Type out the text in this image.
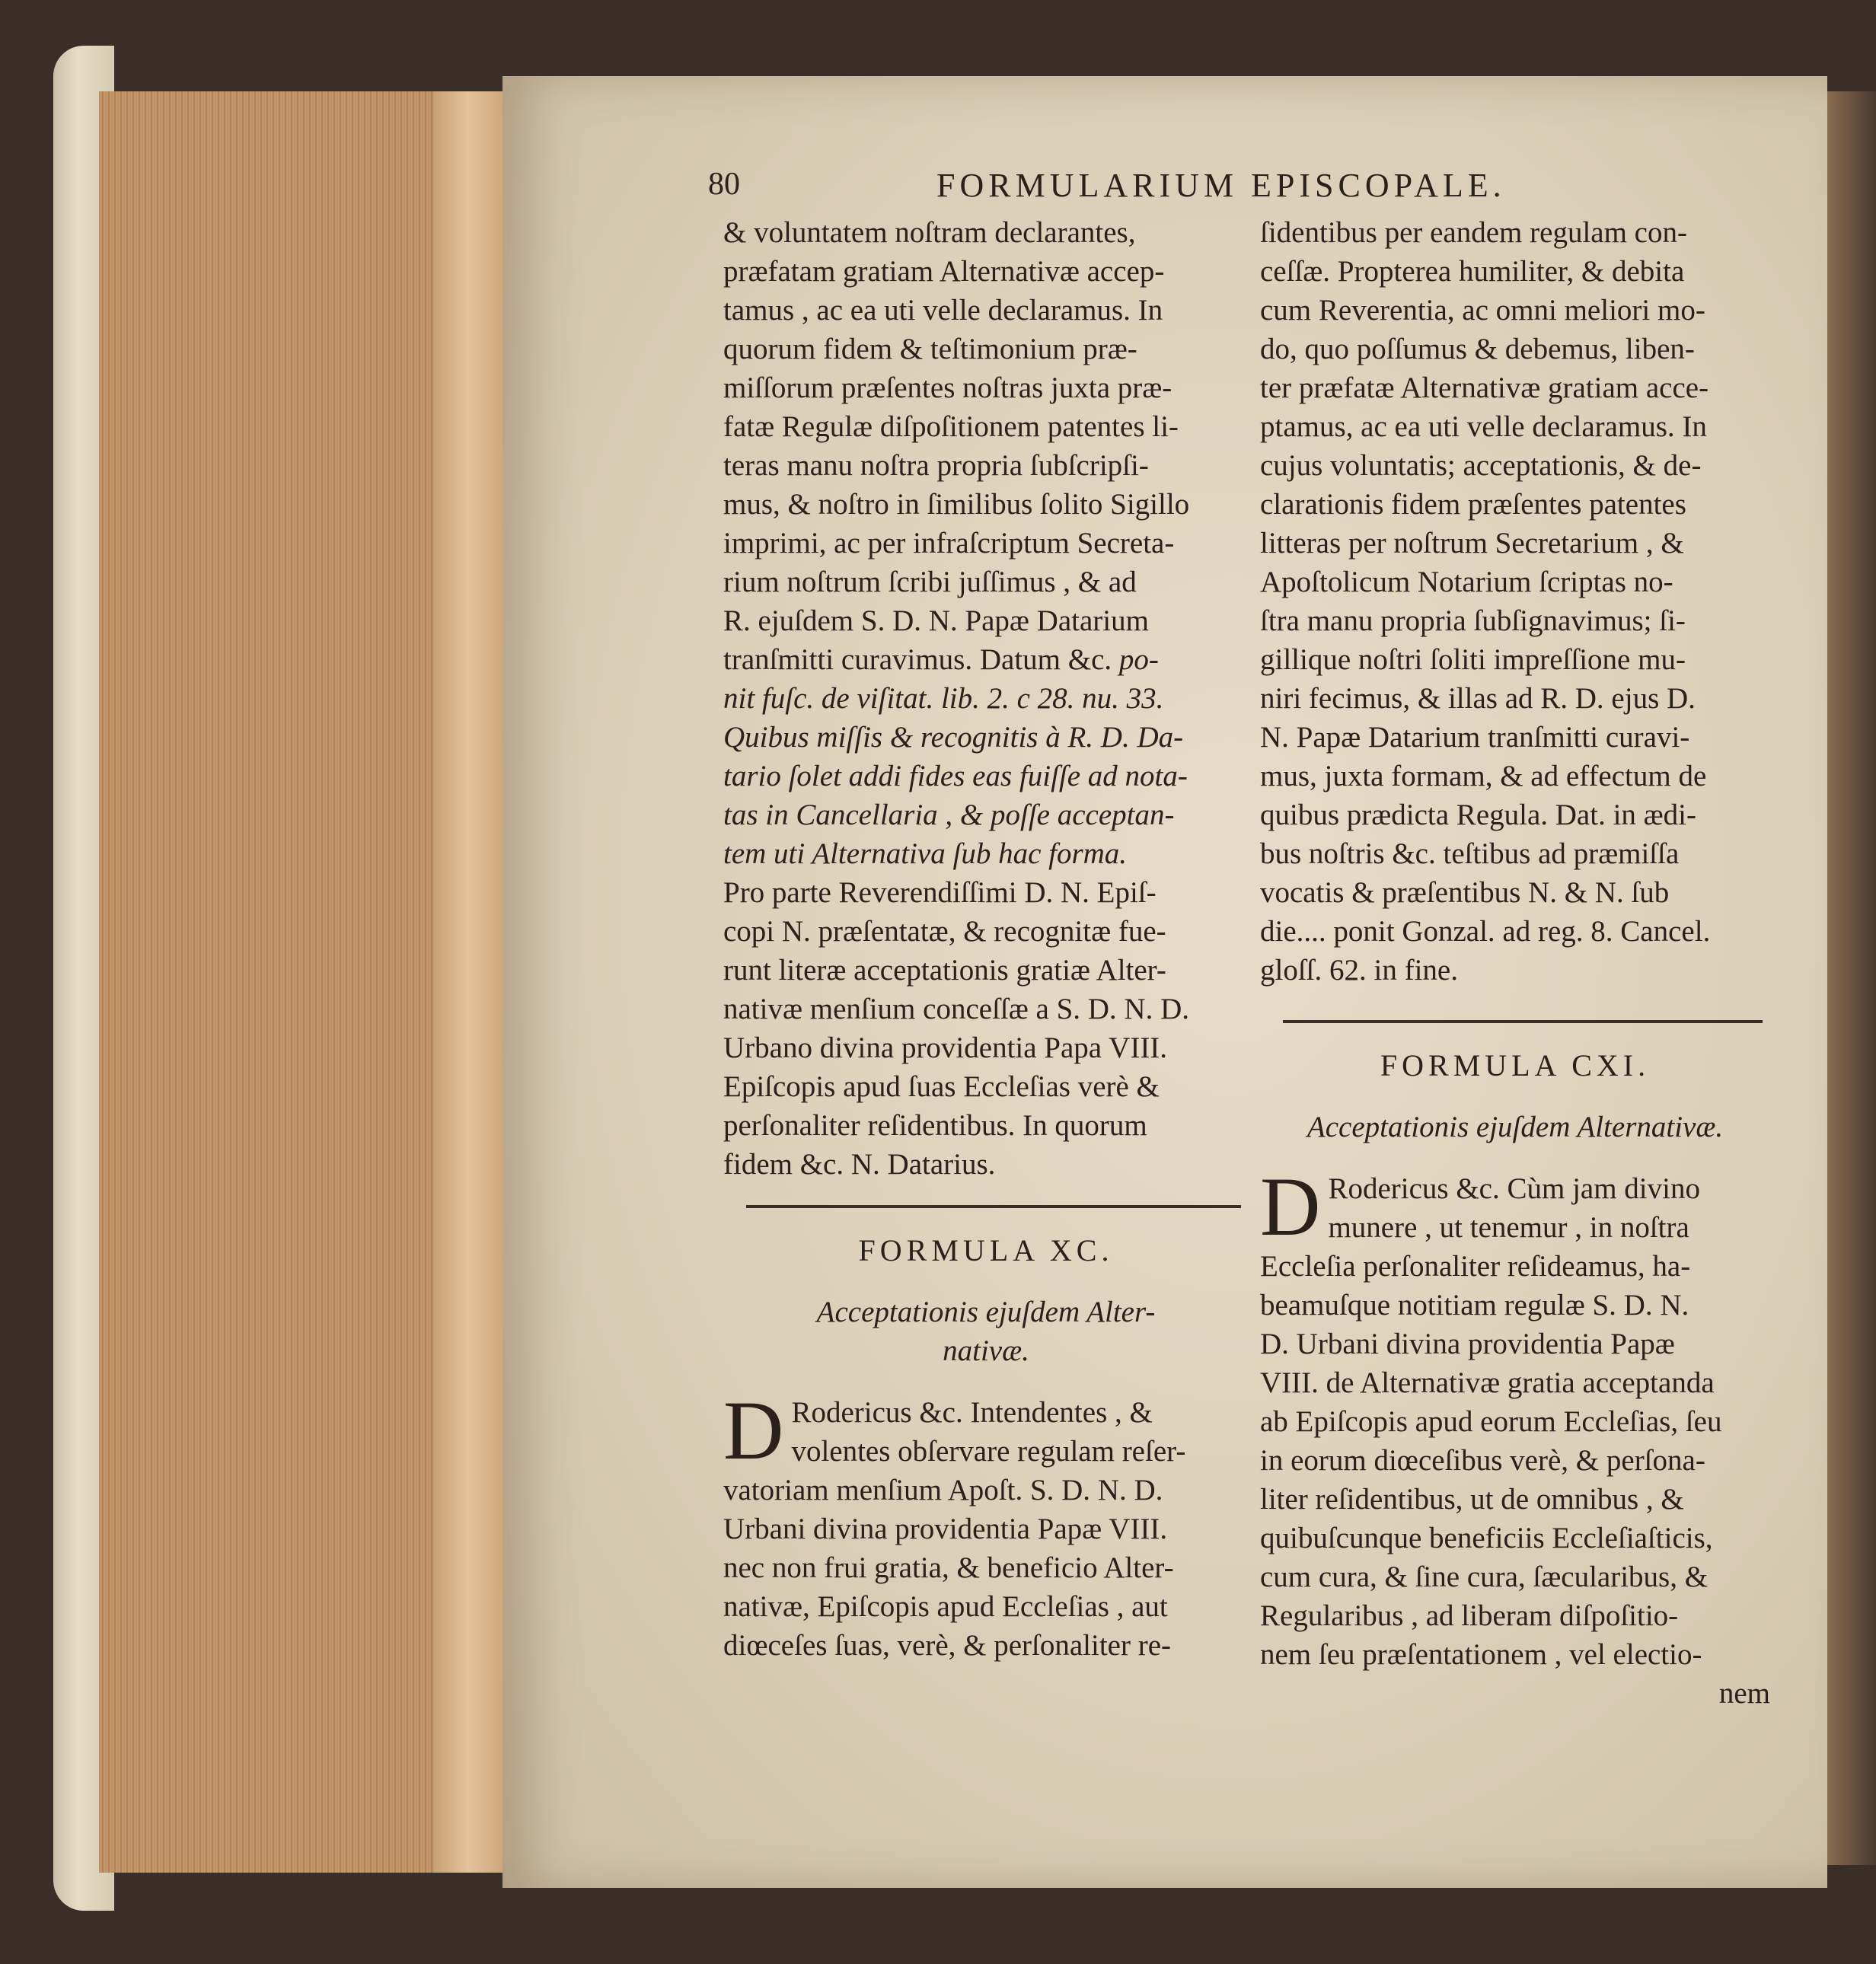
80	FORMULARIUM EPISCOPALE.
& voluntatem noſtram declarantes,
præfatam gratiam Alternativæ accep-
tamus , ac ea uti velle declaramus. In
quorum fidem & teſtimonium præ-
miſſorum præſentes noſtras juxta præ-
fatæ Regulæ diſpoſitionem patentes li-
teras manu noſtra propria ſubſcripſi-
mus, & noſtro in ſimilibus ſolito Sigillo
imprimi, ac per infraſcriptum Secreta-
rium noſtrum ſcribi juſſimus , & ad
R. ejuſdem S. D. N. Papæ Datarium
tranſmitti curavimus. Datum &c. po-
nit fuſc. de viſitat. lib. 2. c 28. nu. 33.
Quibus miſſis & recognitis à R. D. Da-
tario ſolet addi fides eas fuiſſe ad nota-
tas in Cancellaria , & poſſe acceptan-
tem uti Alternativa ſub hac forma.
Pro parte Reverendiſſimi D. N. Epiſ-
copi N. præſentatæ, & recognitæ fue-
runt literæ acceptationis gratiæ Alter-
nativæ menſium conceſſæ a S. D. N. D.
Urbano divina providentia Papa VIII.
Epiſcopis apud ſuas Eccleſias verè &
perſonaliter reſidentibus. In quorum
fidem &c. N. Datarius.
FORMULA XC.
Acceptationis ejuſdem Alter-
nativæ.
D Rodericus &c. Intendentes , &
volentes obſervare regulam reſer-
vatoriam menſium Apoſt. S. D. N. D.
Urbani divina providentia Papæ VIII.
nec non frui gratia, & beneficio Alter-
nativæ, Epiſcopis apud Eccleſias , aut
diœceſes ſuas, verè, & perſonaliter re-
ſidentibus per eandem regulam con-
ceſſæ. Propterea humiliter, & debita
cum Reverentia, ac omni meliori mo-
do, quo poſſumus & debemus, liben-
ter præfatæ Alternativæ gratiam acce-
ptamus, ac ea uti velle declaramus. In
cujus voluntatis; acceptationis, & de-
clarationis fidem præſentes patentes
litteras per noſtrum Secretarium , &
Apoſtolicum Notarium ſcriptas no-
ſtra manu propria ſubſignavimus; ſi-
gillique noſtri ſoliti impreſſione mu-
niri fecimus, & illas ad R. D. ejus D.
N. Papæ Datarium tranſmitti curavi-
mus, juxta formam, & ad effectum de
quibus prædicta Regula. Dat. in ædi-
bus noſtris &c. teſtibus ad præmiſſa
vocatis & præſentibus N. & N. ſub
die.... ponit Gonzal. ad reg. 8. Cancel.
gloſſ. 62. in fine.
FORMULA CXI.
Acceptationis ejuſdem Alternativæ.
D Rodericus &c. Cùm jam divino
munere , ut tenemur , in noſtra
Eccleſia perſonaliter reſideamus, ha-
beamuſque notitiam regulæ S. D. N.
D. Urbani divina providentia Papæ
VIII. de Alternativæ gratia acceptanda
ab Epiſcopis apud eorum Eccleſias, ſeu
in eorum diœceſibus verè, & perſona-
liter reſidentibus, ut de omnibus , &
quibuſcunque beneficiis Eccleſiaſticis,
cum cura, & ſine cura, ſæcularibus, &
Regularibus , ad liberam diſpoſitio-
nem ſeu præſentationem , vel electio-
nem
